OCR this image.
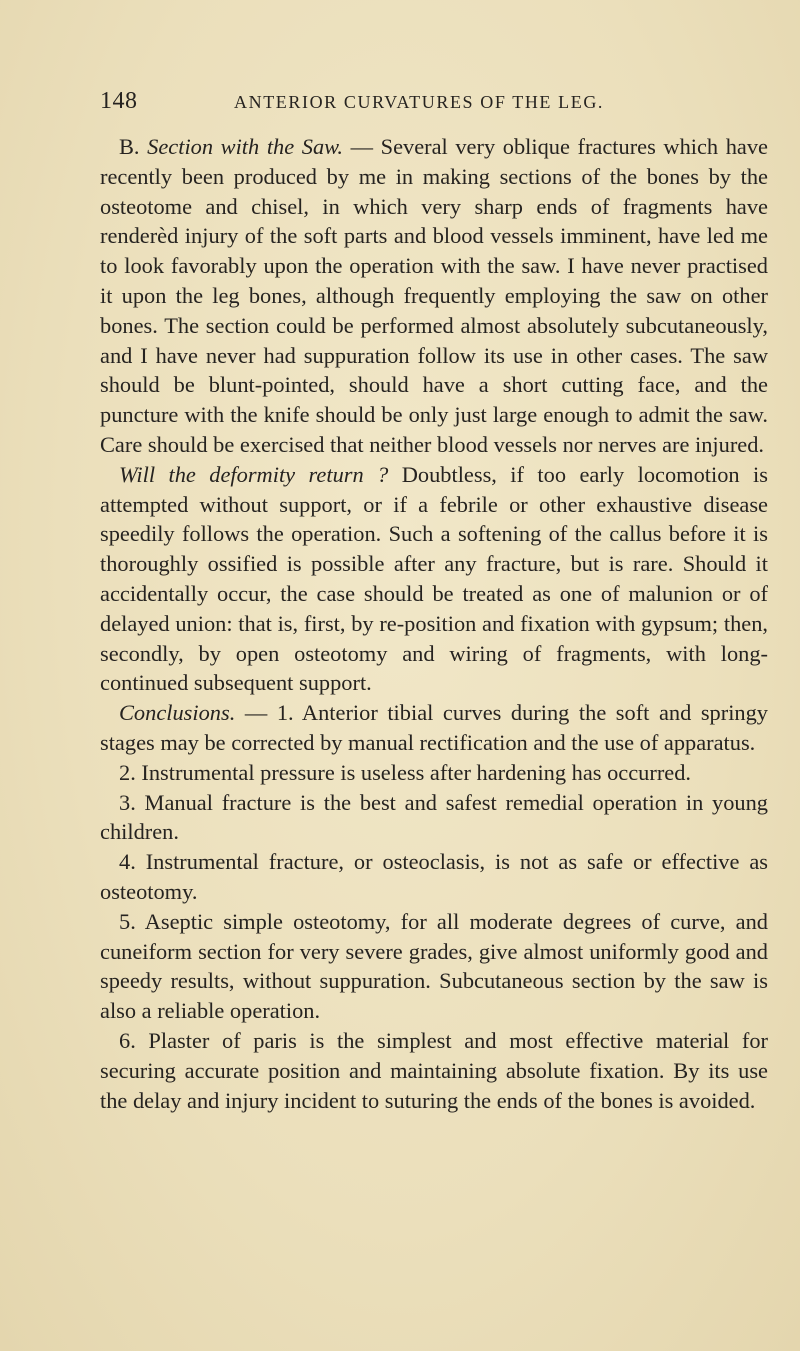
148	ANTERIOR CURVATURES OF THE LEG.

B. Section with the Saw. — Several very oblique fractures which have recently been produced by me in making sections of the bones by the osteotome and chisel, in which very sharp ends of fragments have renderèd injury of the soft parts and blood vessels imminent, have led me to look favorably upon the operation with the saw. I have never practised it upon the leg bones, although frequently employing the saw on other bones. The section could be performed almost absolutely subcutaneously, and I have never had suppuration follow its use in other cases. The saw should be blunt-pointed, should have a short cutting face, and the puncture with the knife should be only just large enough to admit the saw. Care should be exercised that neither blood vessels nor nerves are injured.

Will the deformity return ? Doubtless, if too early locomotion is attempted without support, or if a febrile or other exhaustive disease speedily follows the operation. Such a softening of the callus before it is thoroughly ossified is possible after any fracture, but is rare. Should it accidentally occur, the case should be treated as one of malunion or of delayed union: that is, first, by re-position and fixation with gypsum; then, secondly, by open osteotomy and wiring of fragments, with long-continued subsequent support.

Conclusions. — 1. Anterior tibial curves during the soft and springy stages may be corrected by manual rectification and the use of apparatus.

2. Instrumental pressure is useless after hardening has occurred.

3. Manual fracture is the best and safest remedial operation in young children.

4. Instrumental fracture, or osteoclasis, is not as safe or effective as osteotomy.

5. Aseptic simple osteotomy, for all moderate degrees of curve, and cuneiform section for very severe grades, give almost uniformly good and speedy results, without suppuration. Subcutaneous section by the saw is also a reliable operation.

6. Plaster of paris is the simplest and most effective material for securing accurate position and maintaining absolute fixation. By its use the delay and injury incident to suturing the ends of the bones is avoided.
